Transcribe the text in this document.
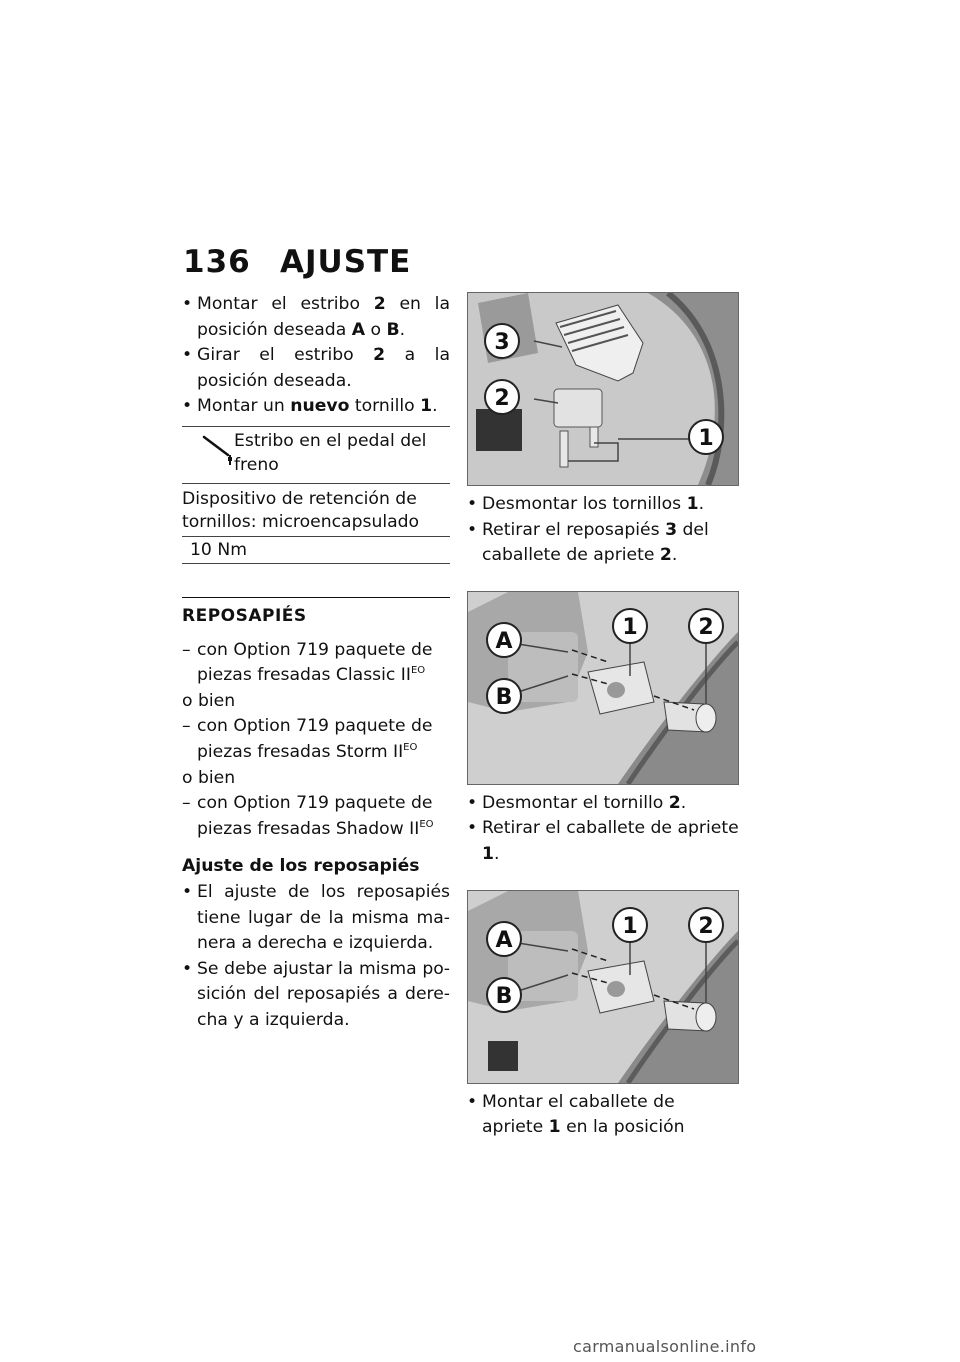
136 AJUSTE
• Montar el estribo 2 en la posición deseada A o B.
• Girar el estribo 2 a la posición deseada.
• Montar un nuevo tornillo 1.
Estribo en el pedal del freno
Dispositivo de retención de tornillos: microencapsulado
10 Nm
REPOSAPIÉS
– con Option 719 paquete de piezas fresadas Classic $II^{EO}$
o bien
– con Option 719 paquete de piezas fresadas Storm $II^{EO}$
o bien
– con Option 719 paquete de piezas fresadas Shadow $II^{EO}$
Ajuste de los reposapiés
• El ajuste de los reposapiés tiene lugar de la misma manera a derecha e izquierda.
• Se debe ajustar la misma posición del reposapiés a derecha y a izquierda.
3
2
1
• Desmontar los tornillos 1.
• Retirar el reposapiés 3 del caballete de apriete 2.
A
B
1	2
• Desmontar el tornillo 2.
• Retirar el caballete de apriete 1.
A
B
1	2
• Montar el caballete de apriete 1 en la posición
carmanualsonline.info
